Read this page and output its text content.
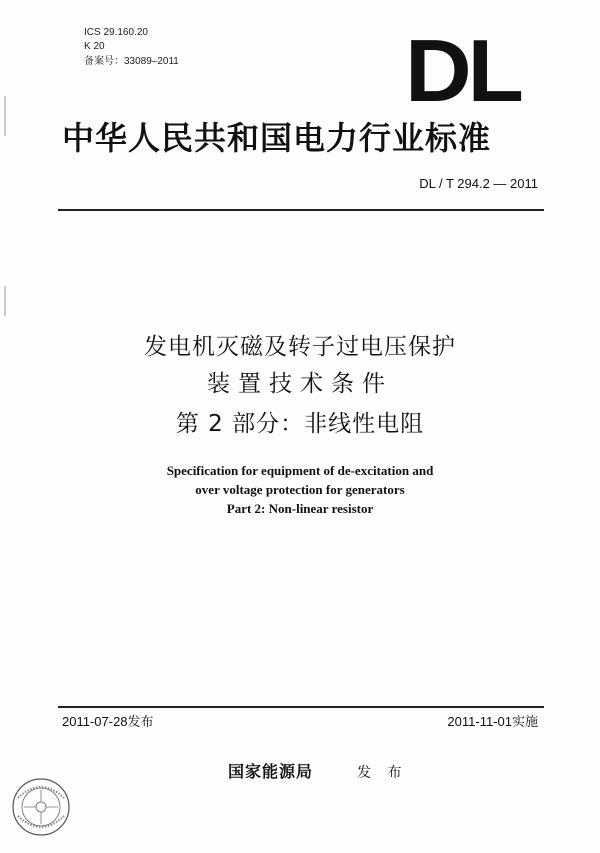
ICS 29.160.20
K 20
备案号：33089–2011	DL
中华人民共和国电力行业标准
DL / T 294.2 — 2011
发电机灭磁及转子过电压保护
装置技术条件
第 2 部分：非线性电阻
Specification for equipment of de-excitation and
over voltage protection for generators
Part 2: Non-linear resistor
2011-07-28发布	2011-11-01实施
国家能源局	发 布
